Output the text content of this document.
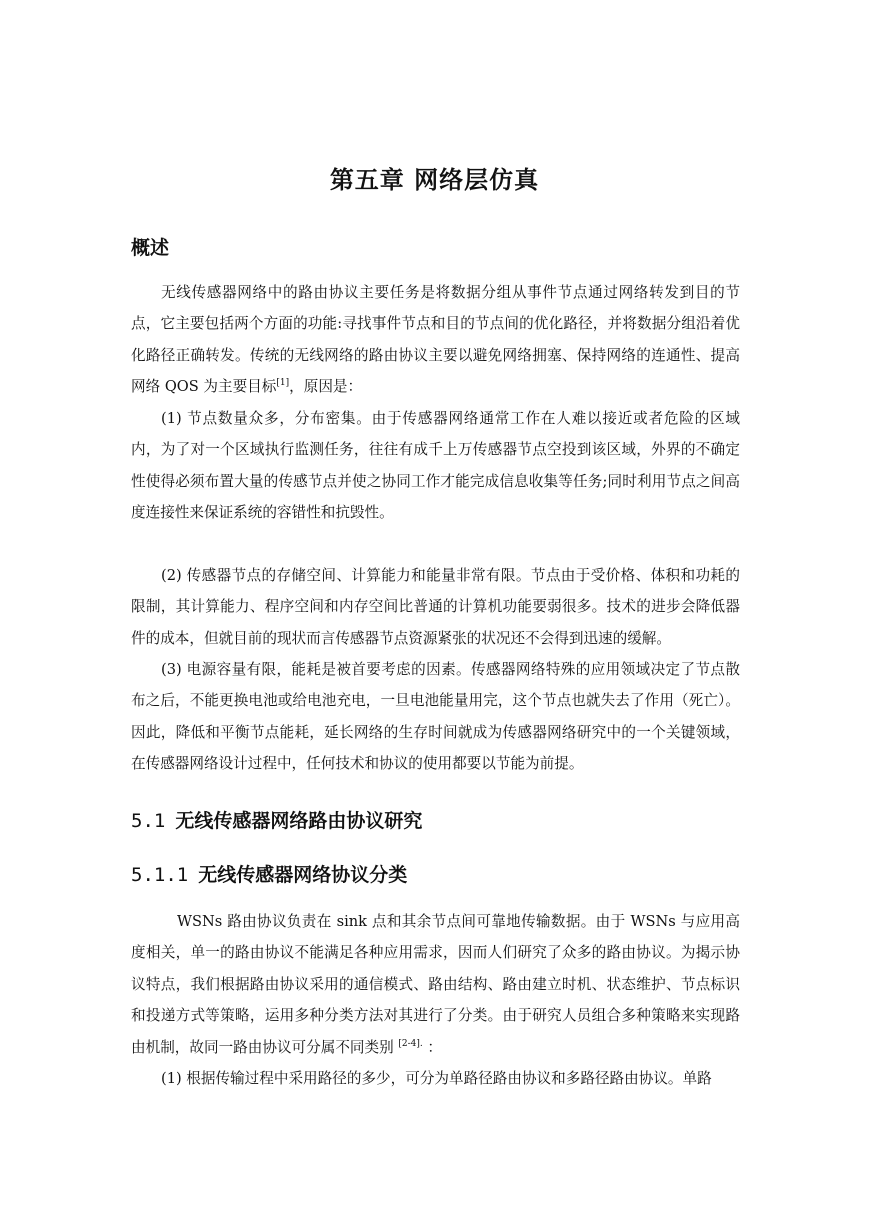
第五章 网络层仿真
概述

无线传感器网络中的路由协议主要任务是将数据分组从事件节点通过网络转发到目的节点，它主要包括两个方面的功能:寻找事件节点和目的节点间的优化路径，并将数据分组沿着优化路径正确转发。传统的无线网络的路由协议主要以避免网络拥塞、保持网络的连通性、提高网络 QOS 为主要目标[1]，原因是：

(1) 节点数量众多，分布密集。由于传感器网络通常工作在人难以接近或者危险的区域内，为了对一个区域执行监测任务，往往有成千上万传感器节点空投到该区域，外界的不确定性使得必须布置大量的传感节点并使之协同工作才能完成信息收集等任务;同时利用节点之间高度连接性来保证系统的容错性和抗毁性。

(2) 传感器节点的存储空间、计算能力和能量非常有限。节点由于受价格、体积和功耗的限制，其计算能力、程序空间和内存空间比普通的计算机功能要弱很多。技术的进步会降低器件的成本，但就目前的现状而言传感器节点资源紧张的状况还不会得到迅速的缓解。

(3) 电源容量有限，能耗是被首要考虑的因素。传感器网络特殊的应用领域决定了节点散布之后，不能更换电池或给电池充电，一旦电池能量用完，这个节点也就失去了作用（死亡）。因此，降低和平衡节点能耗，延长网络的生存时间就成为传感器网络研究中的一个关键领域，在传感器网络设计过程中，任何技术和协议的使用都要以节能为前提。

5.1 无线传感器网络路由协议研究
5.1.1 无线传感器网络协议分类

WSNs 路由协议负责在 sink 点和其余节点间可靠地传输数据。由于 WSNs 与应用高度相关，单一的路由协议不能满足各种应用需求，因而人们研究了众多的路由协议。为揭示协议特点，我们根据路由协议采用的通信模式、路由结构、路由建立时机、状态维护、节点标识和投递方式等策略，运用多种分类方法对其进行了分类。由于研究人员组合多种策略来实现路由机制，故同一路由协议可分属不同类别 $^{[2-4].}$ ：

(1) 根据传输过程中采用路径的多少，可分为单路径路由协议和多路径路由协议。单路
